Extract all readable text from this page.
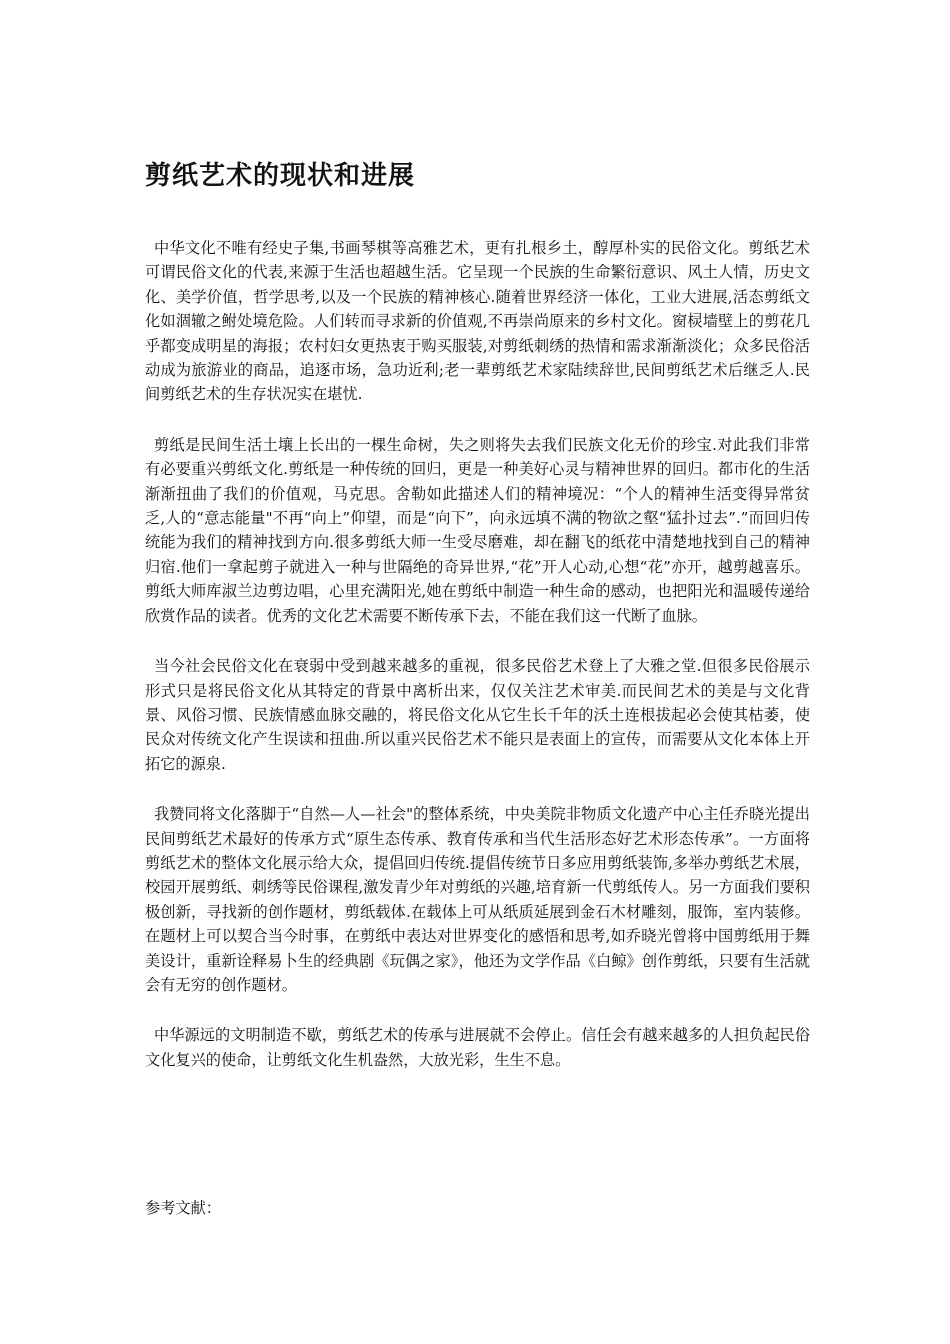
剪纸艺术的现状和进展

中华文化不唯有经史子集,书画琴棋等高雅艺术，更有扎根乡土，醇厚朴实的民俗文化。剪纸艺术可谓民俗文化的代表,来源于生活也超越生活。它呈现一个民族的生命繁衍意识、风土人情，历史文化、美学价值，哲学思考,以及一个民族的精神核心.随着世界经济一体化，工业大进展,活态剪纸文化如涸辙之鲋处境危险。人们转而寻求新的价值观,不再崇尚原来的乡村文化。窗棂墙壁上的剪花几乎都变成明星的海报；农村妇女更热衷于购买服装,对剪纸刺绣的热情和需求渐渐淡化；众多民俗活动成为旅游业的商品，追逐市场，急功近利;老一辈剪纸艺术家陆续辞世,民间剪纸艺术后继乏人.民间剪纸艺术的生存状况实在堪忧.

剪纸是民间生活土壤上长出的一棵生命树，失之则将失去我们民族文化无价的珍宝.对此我们非常有必要重兴剪纸文化.剪纸是一种传统的回归，更是一种美好心灵与精神世界的回归。都市化的生活渐渐扭曲了我们的价值观，马克思。舍勒如此描述人们的精神境况：“个人的精神生活变得异常贫乏,人的“意志能量"不再“向上”仰望，而是“向下”，向永远填不满的物欲之壑“猛扑过去”.”而回归传统能为我们的精神找到方向.很多剪纸大师一生受尽磨难，却在翻飞的纸花中清楚地找到自己的精神归宿.他们一拿起剪子就进入一种与世隔绝的奇异世界,“花”开人心动,心想“花”亦开，越剪越喜乐。剪纸大师库淑兰边剪边唱，心里充满阳光,她在剪纸中制造一种生命的感动，也把阳光和温暖传递给欣赏作品的读者。优秀的文化艺术需要不断传承下去，不能在我们这一代断了血脉。

当今社会民俗文化在衰弱中受到越来越多的重视，很多民俗艺术登上了大雅之堂.但很多民俗展示形式只是将民俗文化从其特定的背景中离析出来，仅仅关注艺术审美.而民间艺术的美是与文化背景、风俗习惯、民族情感血脉交融的，将民俗文化从它生长千年的沃土连根拔起必会使其枯萎，使民众对传统文化产生误读和扭曲.所以重兴民俗艺术不能只是表面上的宣传，而需要从文化本体上开拓它的源泉.

我赞同将文化落脚于“自然—人—社会"的整体系统，中央美院非物质文化遗产中心主任乔晓光提出民间剪纸艺术最好的传承方式“原生态传承、教育传承和当代生活形态好艺术形态传承”。一方面将剪纸艺术的整体文化展示给大众，提倡回归传统.提倡传统节日多应用剪纸装饰,多举办剪纸艺术展，校园开展剪纸、刺绣等民俗课程,激发青少年对剪纸的兴趣,培育新一代剪纸传人。另一方面我们要积极创新，寻找新的创作题材，剪纸载体.在载体上可从纸质延展到金石木材雕刻，服饰，室内装修。在题材上可以契合当今时事，在剪纸中表达对世界变化的感悟和思考,如乔晓光曾将中国剪纸用于舞美设计，重新诠释易卜生的经典剧《玩偶之家》，他还为文学作品《白鲸》创作剪纸，只要有生活就会有无穷的创作题材。

中华源远的文明制造不歇，剪纸艺术的传承与进展就不会停止。信任会有越来越多的人担负起民俗文化复兴的使命，让剪纸文化生机盎然，大放光彩，生生不息。

参考文献：
